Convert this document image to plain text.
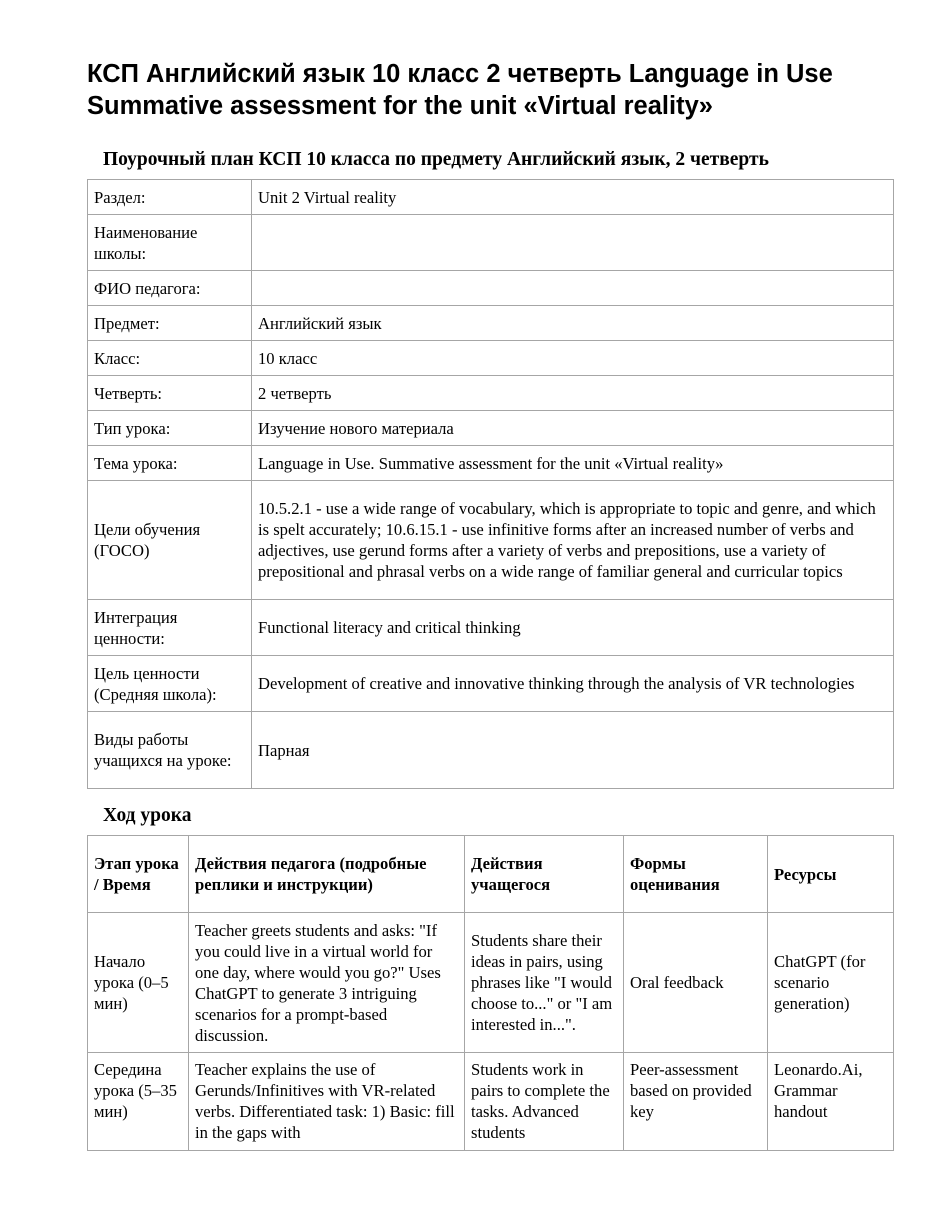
КСП Английский язык 10 класс 2 четверть Language in Use Summative assessment for the unit «Virtual reality»
Поурочный план КСП 10 класса по предмету Английский язык, 2 четверть
Раздел:	Unit 2 Virtual reality
Наименование школы:	
ФИО педагога:	
Предмет:	Английский язык
Класс:	10 класс
Четверть:	2 четверть
Тип урока:	Изучение нового материала
Тема урока:	Language in Use. Summative assessment for the unit «Virtual reality»
Цели обучения (ГОСО)	10.5.2.1 - use a wide range of vocabulary, which is appropriate to topic and genre, and which is spelt accurately; 10.6.15.1 - use infinitive forms after an increased number of verbs and adjectives, use gerund forms after a variety of verbs and prepositions, use a variety of prepositional and phrasal verbs on a wide range of familiar general and curricular topics
Интеграция ценности:	Functional literacy and critical thinking
Цель ценности (Средняя школа):	Development of creative and innovative thinking through the analysis of VR technologies
Виды работы учащихся на уроке:	Парная
Ход урока
Этап урока / Время	Действия педагога (подробные реплики и инструкции)	Действия учащегося	Формы оценивания	Ресурсы
Начало урока (0–5 мин)	Teacher greets students and asks: "If you could live in a virtual world for one day, where would you go?" Uses ChatGPT to generate 3 intriguing scenarios for a prompt-based discussion.	Students share their ideas in pairs, using phrases like "I would choose to..." or "I am interested in...".	Oral feedback	ChatGPT (for scenario generation)

Середина урока (5–35 мин)	Teacher explains the use of Gerunds/Infinitives with VR-related verbs. Differentiated task: 1) Basic: fill in the gaps with	Students work in pairs to complete the tasks. Advanced students	Peer-assessment based on provided key	Leonardo.Ai, Grammar handout
